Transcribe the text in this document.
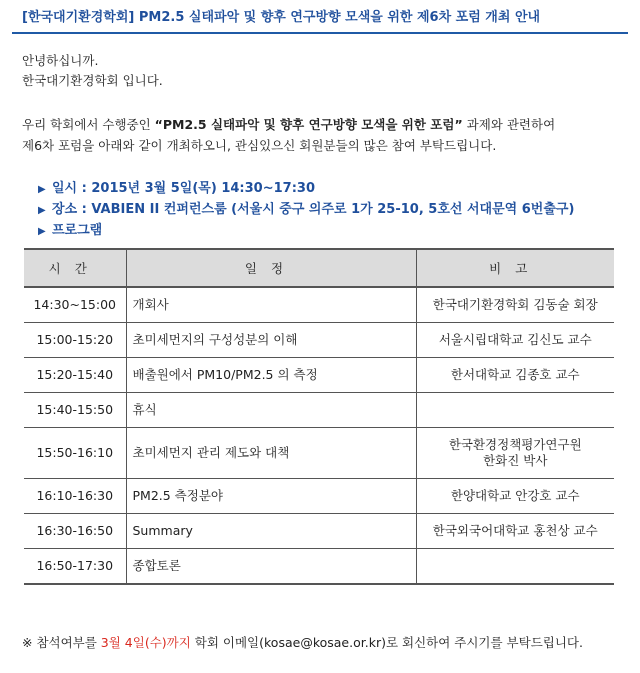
[한국대기환경학회] PM2.5 실태파악 및 향후 연구방향 모색을 위한 제6차 포럼 개최 안내
안녕하십니까.
한국대기환경학회 입니다.
우리 학회에서 수행중인 “PM2.5 실태파악 및 향후 연구방향 모색을 위한 포럼” 과제와 관련하여
제6차 포럼을 아래와 같이 개최하오니, 관심있으신 회원분들의 많은 참여 부탁드립니다.
▶ 일시 : 2015년 3월 5일(목) 14:30~17:30
▶ 장소 : VABIEN II 컨퍼런스룸 (서울시 중구 의주로 1가 25-10, 5호선 서대문역 6번출구)
▶ 프로그램
시간	일정	비고
14:30~15:00	개회사	한국대기환경학회 김동술 회장
15:00-15:20	초미세먼지의 구성성분의 이해	서울시립대학교 김신도 교수
15:20-15:40	배출원에서 PM10/PM2.5 의 측정	한서대학교 김종호 교수
15:40-15:50	휴식	
15:50-16:10	초미세먼지 관리 제도와 대책	한국환경정책평가연구원
한화진 박사

16:10-16:30	PM2.5 측정분야	한양대학교 안강호 교수
16:30-16:50	Summary	한국외국어대학교 홍천상 교수
16:50-17:30	종합토론	
※ 참석여부를 3월 4일(수)까지 학회 이메일(kosae@kosae.or.kr)로 회신하여 주시기를 부탁드립니다.
